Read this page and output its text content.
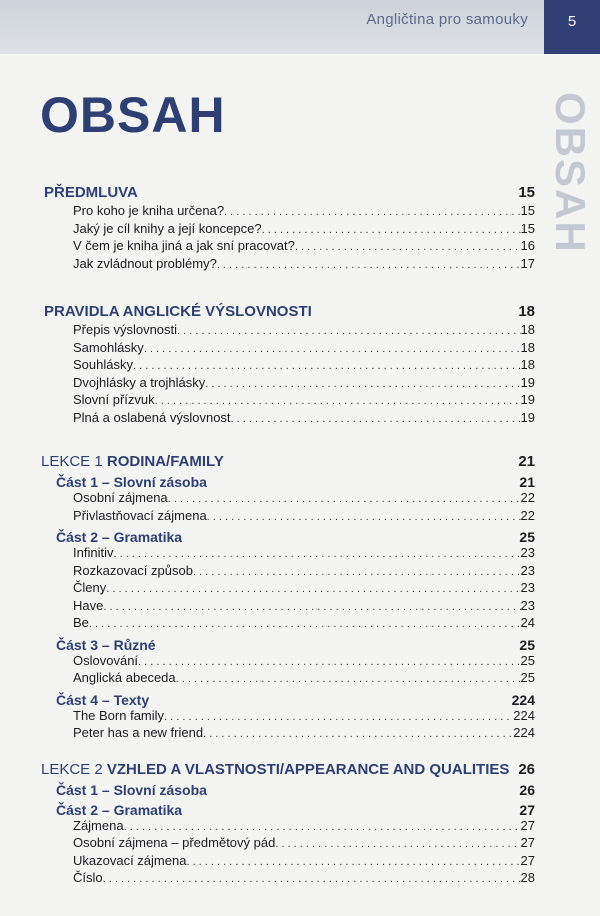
Angličtina pro samouky	5
OBSAH	OBSAH
PŘEDMLUVA	15
Pro koho je kniha určena? . . .	15
Jaký je cíl knihy a její koncepce? . . .	15
V čem je kniha jiná a jak sní pracovat? . . .	16
Jak zvládnout problémy? . . .	17
PRAVIDLA ANGLICKÉ VÝSLOVNOSTI	18
Přepis výslovnosti . . .	18
Samohlásky . . .	18
Souhlásky . . .	18
Dvojhlásky a trojhlásky . . .	19
Slovní přízvuk . . .	19
Plná a oslabená výslovnost . . .	19
LEKCE 1 RODINA/FAMILY	21
Část 1 – Slovní zásoba	21
Osobní zájmena . . .	22
Přivlastňovací zájmena . . .	22
Část 2 – Gramatika	25
Infinitiv . . .	23
Rozkazovací způsob . . .	23
Členy . . .	23
Have . . .	23
Be . . .	24
Část 3 – Různé	25
Oslovování . . .	25
Anglická abeceda . . .	25
Část 4 – Texty	224
The Born family . . .	224
Peter has a new friend . . .	224
LEKCE 2 VZHLED A VLASTNOSTI/APPEARANCE AND QUALITIES 26
Část 1 – Slovní zásoba	26
Část 2 – Gramatika	27
Zájmena . . .	27
Osobní zájmena – předmětový pád . . .	27
Ukazovací zájmena . . .	27
Číslo . . .	28
